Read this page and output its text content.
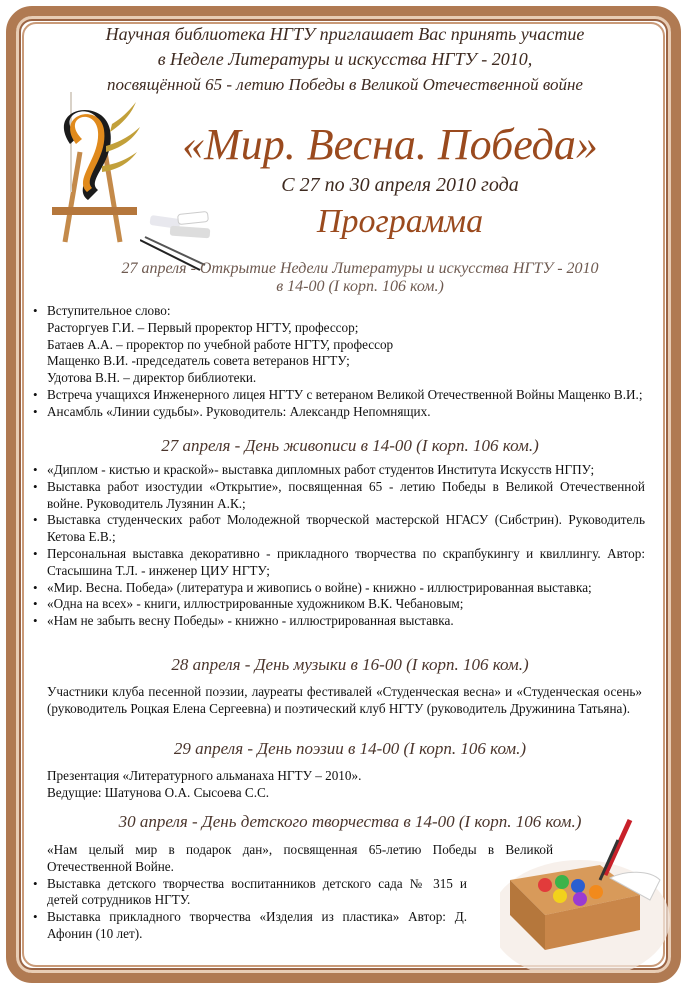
Научная библиотека НГТУ приглашает Вас принять участие
в Неделе Литературы и искусства НГТУ - 2010,
посвящённой 65 - летию Победы в Великой Отечественной войне
«Мир. Весна. Победа»
С 27 по 30 апреля 2010 года
Программа
27 апреля - Открытие Недели Литературы и искусства НГТУ - 2010
в 14-00 (I корп. 106 ком.)
• Вступительное слово:
Расторгуев Г.И. – Первый проректор НГТУ, профессор;
Батаев А.А. – проректор по учебной работе НГТУ, профессор
Мащенко В.И. -председатель совета ветеранов НГТУ;
Удотова В.Н. – директор библиотеки.
• Встреча учащихся Инженерного лицея НГТУ с ветераном Великой Отечественной Войны Мащенко В.И.;
• Ансамбль «Линии судьбы». Руководитель: Александр Непомнящих.
27 апреля - День живописи в 14-00 (I корп. 106 ком.)
• «Диплом - кистью и краской»- выставка дипломных работ студентов Института Искусств НГПУ;
• Выставка работ изостудии «Открытие», посвященная 65 - летию Победы в Великой Отечественной войне. Руководитель Лузянин А.К.;
• Выставка студенческих работ Молодежной творческой мастерской НГАСУ (Сибстрин). Руководитель Кетова Е.В.;
• Персональная выставка декоративно - прикладного творчества по скрапбукингу и квиллингу. Автор: Стасышина Т.Л. - инженер ЦИУ НГТУ;
• «Мир. Весна. Победа» (литература и живопись о войне) - книжно - иллюстрированная выставка;
• «Одна на всех» - книги, иллюстрированные художником В.К. Чебановым;
• «Нам не забыть весну Победы» - книжно - иллюстрированная выставка.
28 апреля - День музыки в 16-00 (I корп. 106 ком.)
Участники клуба песенной поэзии, лауреаты фестивалей «Студенческая весна» и «Студенческая осень» (руководитель Роцкая Елена Сергеевна) и поэтический клуб НГТУ (руководитель Дружинина Татьяна).
29 апреля - День поэзии в 14-00 (I корп. 106 ком.)
Презентация «Литературного альманаха НГТУ – 2010».
Ведущие: Шатунова О.А. Сысоева С.С.
30 апреля - День детского творчества в 14-00 (I корп. 106 ком.)
«Нам целый мир в подарок дан», посвященная 65-летию Победы в Великой Отечественной Войне.
• Выставка детского творчества воспитанников детского сада № 315 и детей сотрудников НГТУ.
• Выставка прикладного творчества «Изделия из пластика» Автор: Д. Афонин (10 лет).
